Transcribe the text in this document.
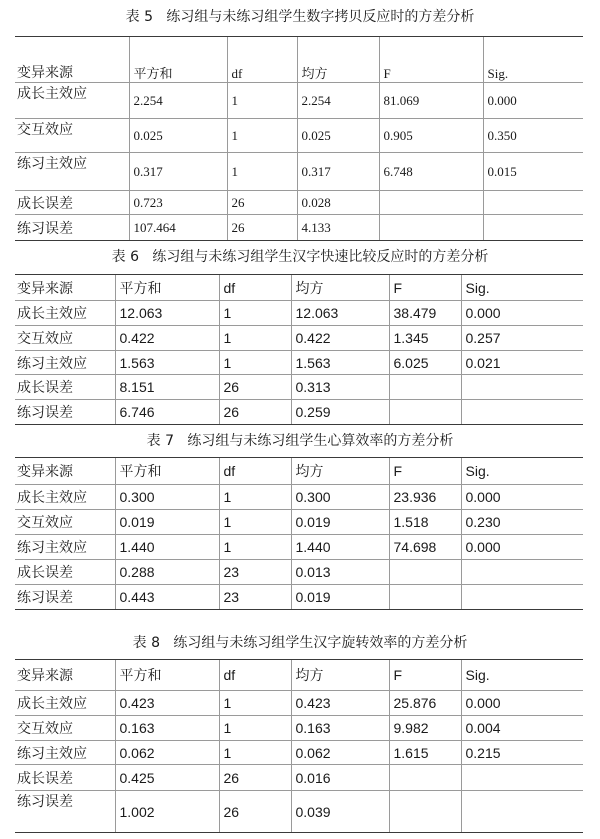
表 5   练习组与未练习组学生数字拷贝反应时的方差分析
变异来源	平方和	df	均方	F	Sig.
成长主效应	2.254	1	2.254	81.069	0.000
交互效应	0.025	1	0.025	0.905	0.350
练习主效应	0.317	1	0.317	6.748	0.015
成长误差	0.723	26	0.028		
练习误差	107.464	26	4.133		
表 6   练习组与未练习组学生汉字快速比较反应时的方差分析
变异来源	平方和	df	均方	F	Sig.
成长主效应	12.063	1	12.063	38.479	0.000
交互效应	0.422	1	0.422	1.345	0.257
练习主效应	1.563	1	1.563	6.025	0.021
成长误差	8.151	26	0.313		
练习误差	6.746	26	0.259		
表 7   练习组与未练习组学生心算效率的方差分析
变异来源	平方和	df	均方	F	Sig.
成长主效应	0.300	1	0.300	23.936	0.000
交互效应	0.019	1	0.019	1.518	0.230
练习主效应	1.440	1	1.440	74.698	0.000
成长误差	0.288	23	0.013		
练习误差	0.443	23	0.019		
表 8   练习组与未练习组学生汉字旋转效率的方差分析
变异来源	平方和	df	均方	F	Sig.
成长主效应	0.423	1	0.423	25.876	0.000
交互效应	0.163	1	0.163	9.982	0.004
练习主效应	0.062	1	0.062	1.615	0.215
成长误差	0.425	26	0.016		
练习误差	1.002	26	0.039		
